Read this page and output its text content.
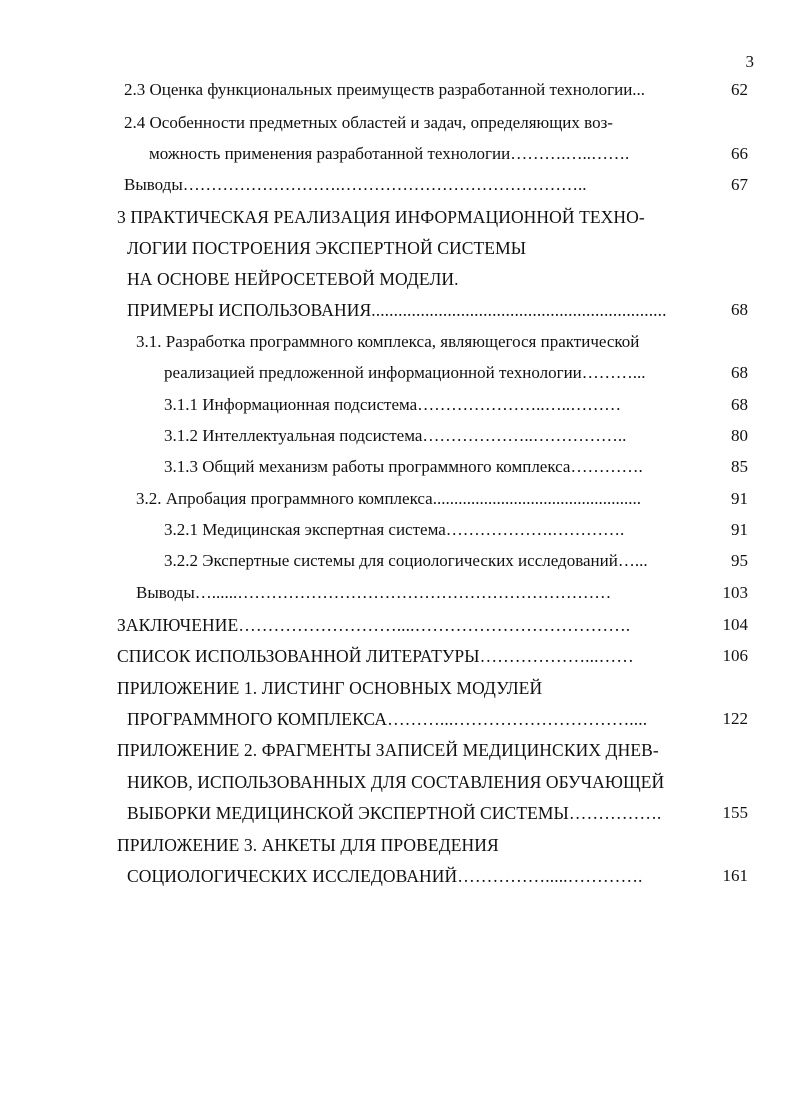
3
2.3 Оценка функциональных преимуществ разработанной технологии...	62
2.4 Особенности предметных областей и задач, определяющих воз-
можность применения разработанной технологии……….…..…….	66
Выводы……………………….……………………………………..	67
3 ПРАКТИЧЕСКАЯ РЕАЛИЗАЦИЯ ИНФОРМАЦИОННОЙ ТЕХНО-
ЛОГИИ ПОСТРОЕНИЯ ЭКСПЕРТНОЙ СИСТЕМЫ
НА ОСНОВЕ НЕЙРОСЕТЕВОЙ МОДЕЛИ.
ПРИМЕРЫ ИСПОЛЬЗОВАНИЯ..................................................................	68
3.1. Разработка программного комплекса, являющегося практической
реализацией предложенной информационной технологии………...	68
3.1.1 Информационная подсистема…………………..…..………	68
3.1.2 Интеллектуальная подсистема………………..……………..	80
3.1.3 Общий механизм работы программного комплекса………….	85
3.2. Апробация программного комплекса.................................................	91
3.2.1 Медицинская экспертная система……………….………….	91
3.2.2 Экспертные системы для социологических исследований…...	95
Выводы…......…………………………………………………………	103
ЗАКЛЮЧЕНИЕ………………………....……………………………….	104
СПИСОК ИСПОЛЬЗОВАННОЙ ЛИТЕРАТУРЫ………………...……	106
ПРИЛОЖЕНИЕ 1. ЛИСТИНГ ОСНОВНЫХ МОДУЛЕЙ
ПРОГРАММНОГО КОМПЛЕКСА………...…………………………....	122
ПРИЛОЖЕНИЕ 2. ФРАГМЕНТЫ ЗАПИСЕЙ МЕДИЦИНСКИХ ДНЕВ-
НИКОВ, ИСПОЛЬЗОВАННЫХ ДЛЯ СОСТАВЛЕНИЯ ОБУЧАЮЩЕЙ
ВЫБОРКИ МЕДИЦИНСКОЙ ЭКСПЕРТНОЙ СИСТЕМЫ…………….	155
ПРИЛОЖЕНИЕ 3. АНКЕТЫ ДЛЯ ПРОВЕДЕНИЯ
СОЦИОЛОГИЧЕСКИХ ИССЛЕДОВАНИЙ…………….....………….	161
